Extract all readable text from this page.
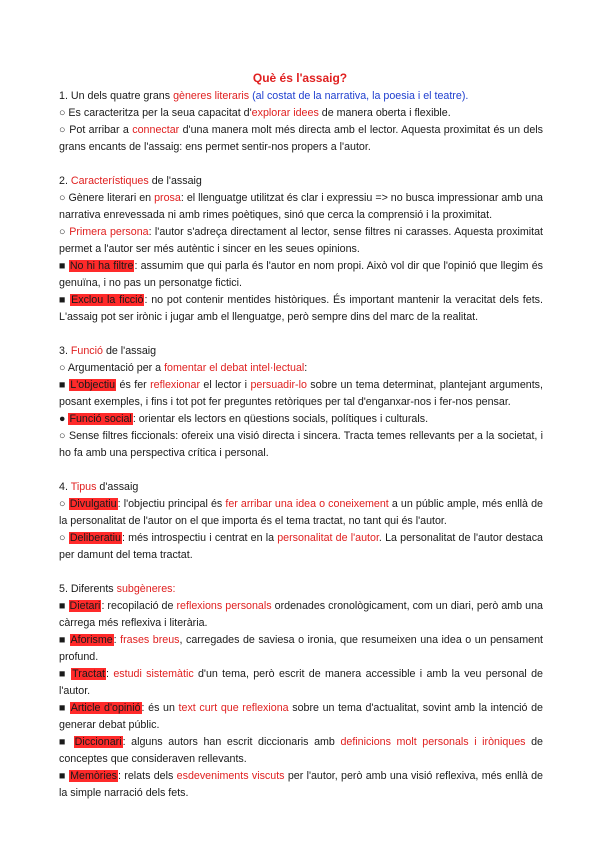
Què és l'assaig?

1. Un dels quatre grans gèneres literaris (al costat de la narrativa, la poesia i el teatre).

○ Es caracteritza per la seua capacitat d'explorar idees de manera oberta i flexible.

○ Pot arribar a connectar d'una manera molt més directa amb el lector. Aquesta proximitat és un dels grans encants de l'assaig: ens permet sentir-nos propers a l'autor.

2. Característiques de l'assaig

○ Gènere literari en prosa: el llenguatge utilitzat és clar i expressiu => no busca impressionar amb una narrativa enrevessada ni amb rimes poètiques, sinó que cerca la comprensió i la proximitat.

○ Primera persona: l'autor s'adreça directament al lector, sense filtres ni carasses. Aquesta proximitat permet a l'autor ser més autèntic i sincer en les seues opinions.

■ No hi ha filtre: assumim que qui parla és l'autor en nom propi. Això vol dir que l'opinió que llegim és genuïna, i no pas un personatge fictici.

■ Exclou la ficció: no pot contenir mentides històriques. És important mantenir la veracitat dels fets. L'assaig pot ser irònic i jugar amb el llenguatge, però sempre dins del marc de la realitat.

3. Funció de l'assaig

○ Argumentació per a fomentar el debat intel·lectual:

■ L'objectiu és fer reflexionar el lector i persuadir-lo sobre un tema determinat, plantejant arguments, posant exemples, i fins i tot pot fer preguntes retòriques per tal d'enganxar-nos i fer-nos pensar.

● Funció social: orientar els lectors en qüestions socials, polítiques i culturals.

○ Sense filtres ficcionals: ofereix una visió directa i sincera. Tracta temes rellevants per a la societat, i ho fa amb una perspectiva crítica i personal.

4. Tipus d'assaig

○ Divulgatiu: l'objectiu principal és fer arribar una idea o coneixement a un públic ample, més enllà de la personalitat de l'autor on el que importa és el tema tractat, no tant qui és l'autor.

○ Deliberatiu: més introspectiu i centrat en la personalitat de l'autor. La personalitat de l'autor destaca per damunt del tema tractat.

5. Diferents subgèneres:

■ Dietari: recopilació de reflexions personals ordenades cronològicament, com un diari, però amb una càrrega més reflexiva i literària.

■ Aforisme: frases breus, carregades de saviesa o ironia, que resumeixen una idea o un pensament profund.

■ Tractat: estudi sistemàtic d'un tema, però escrit de manera accessible i amb la veu personal de l'autor.

■ Article d'opinió: és un text curt que reflexiona sobre un tema d'actualitat, sovint amb la intenció de generar debat públic.

■ Diccionari: alguns autors han escrit diccionaris amb definicions molt personals i iròniques de conceptes que consideraven rellevants.

■ Memòries: relats dels esdeveniments viscuts per l'autor, però amb una visió reflexiva, més enllà de la simple narració dels fets.
